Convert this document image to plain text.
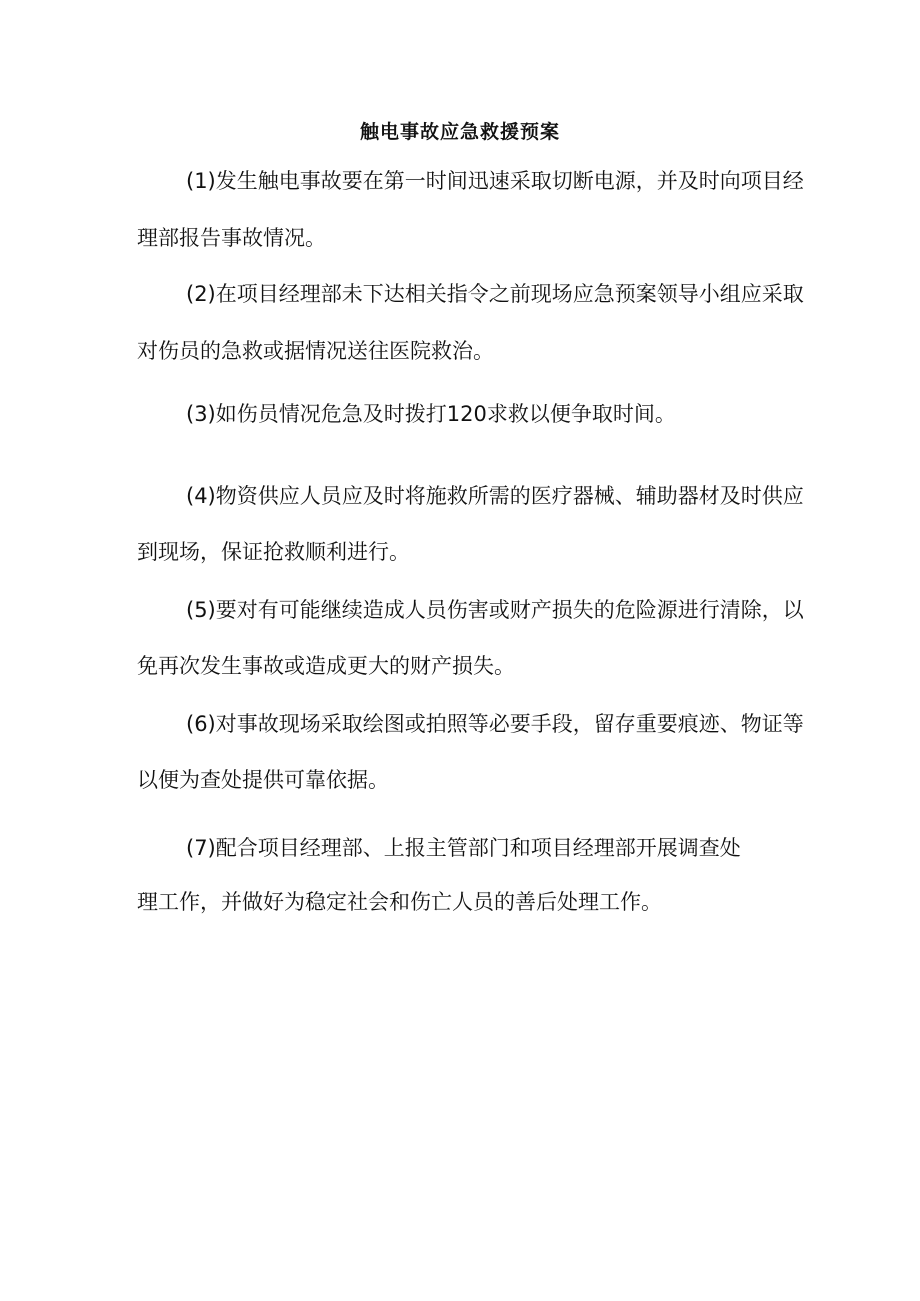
触电事故应急救援预案
(1)发生触电事故要在第一时间迅速采取切断电源，并及时向项目经
理部报告事故情况。
(2)在项目经理部未下达相关指令之前现场应急预案领导小组应采取
对伤员的急救或据情况送往医院救治。
(3)如伤员情况危急及时拨打120求救以便争取时间。
(4)物资供应人员应及时将施救所需的医疗器械、辅助器材及时供应
到现场，保证抢救顺利进行。
(5)要对有可能继续造成人员伤害或财产损失的危险源进行清除，以
免再次发生事故或造成更大的财产损失。
(6)对事故现场采取绘图或拍照等必要手段，留存重要痕迹、物证等
以便为查处提供可靠依据。
(7)配合项目经理部、上报主管部门和项目经理部开展调查处
理工作，并做好为稳定社会和伤亡人员的善后处理工作。
